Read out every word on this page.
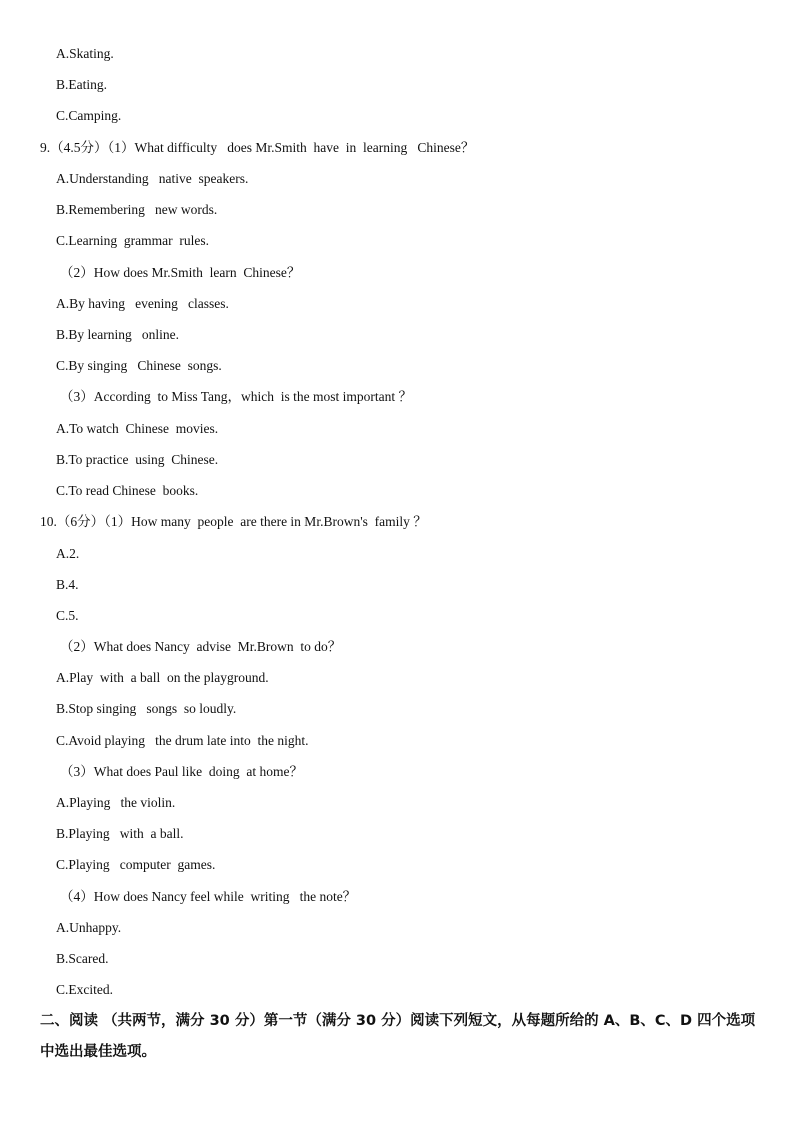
A.Skating.
B.Eating.
C.Camping.
9.（4.5分）（1）What difficulty   does Mr.Smith  have  in  learning   Chinese？
A.Understanding   native  speakers.
B.Remembering   new words.
C.Learning  grammar  rules.
（2）How does Mr.Smith  learn  Chinese？
A.By having   evening   classes.
B.By learning   online.
C.By singing   Chinese  songs.
（3）According  to Miss Tang，which  is the most important ？
A.To watch  Chinese  movies.
B.To practice  using  Chinese.
C.To read Chinese  books.
10.（6分）（1）How many  people  are there in Mr.Brown's  family ？
A.2.
B.4.
C.5.
（2）What does Nancy  advise  Mr.Brown  to do？
A.Play  with  a ball  on the playground.
B.Stop singing   songs  so loudly.
C.Avoid playing   the drum late into  the night.
（3）What does Paul like  doing  at home？
A.Playing   the violin.
B.Playing   with  a ball.
C.Playing   computer  games.
（4）How does Nancy feel while  writing   the note？
A.Unhappy.
B.Scared.
C.Excited.
二、阅读 （共两节，满分 30 分）第一节（满分 30 分）阅读下列短文，从每题所给的 A、B、C、D 四个选项中选出最佳选项。
